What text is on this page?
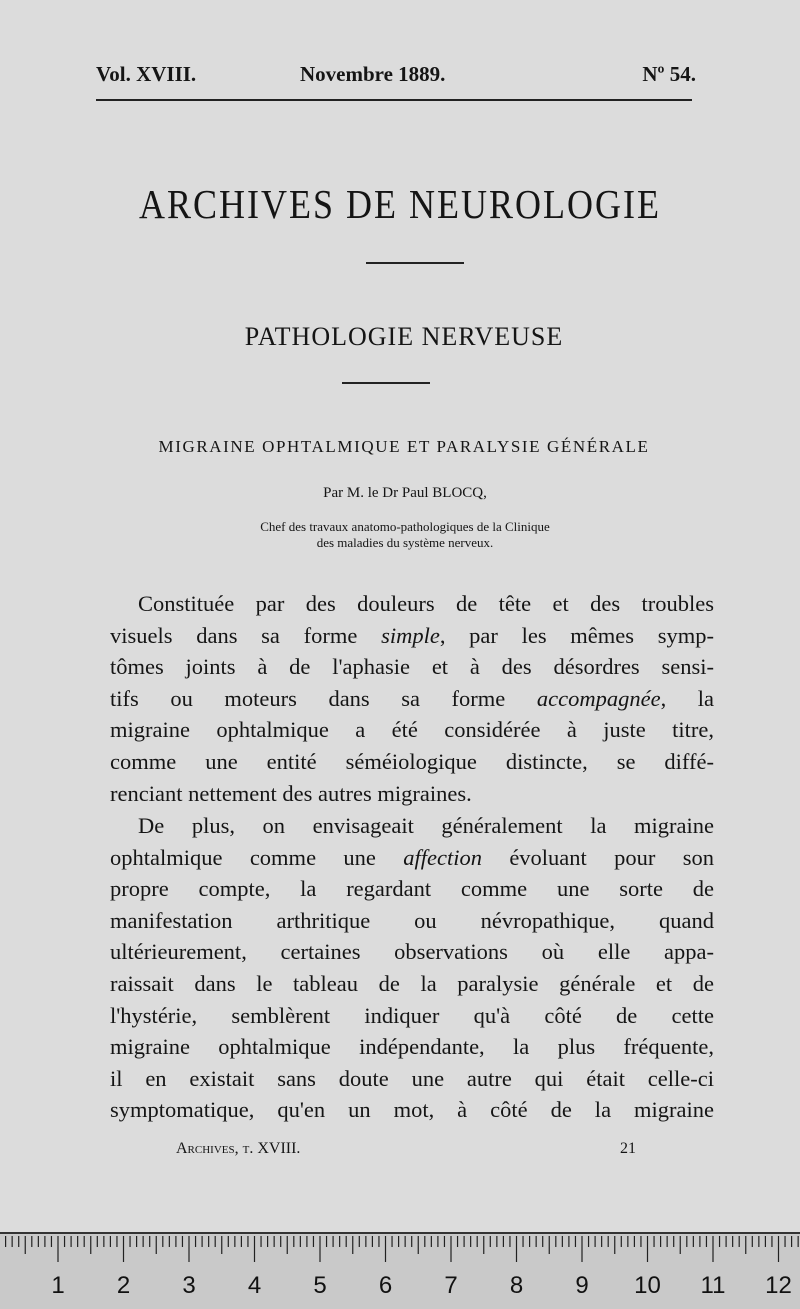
Vol. XVIII.	Novembre 1889.	Nº 54.
ARCHIVES DE NEUROLOGIE
PATHOLOGIE NERVEUSE
MIGRAINE OPHTALMIQUE ET PARALYSIE GÉNÉRALE
Par M. le Dr Paul BLOCQ,
Chef des travaux anatomo-pathologiques de la Clinique
des maladies du système nerveux.
Constituée par des douleurs de tête et des troubles
visuels dans sa forme simple, par les mêmes symp-
tômes joints à de l'aphasie et à des désordres sensi-
tifs ou moteurs dans sa forme accompagnée, la
migraine ophtalmique a été considérée à juste titre,
comme une entité séméiologique distincte, se diffé-
renciant nettement des autres migraines.
De plus, on envisageait généralement la migraine
ophtalmique comme une affection évoluant pour son
propre compte, la regardant comme une sorte de
manifestation arthritique ou névropathique, quand
ultérieurement, certaines observations où elle appa-
raissait dans le tableau de la paralysie générale et de
l'hystérie, semblèrent indiquer qu'à côté de cette
migraine ophtalmique indépendante, la plus fréquente,
il en existait sans doute une autre qui était celle-ci
symptomatique, qu'en un mot, à côté de la migraine
Archives, t. XVIII.	21
1 2 3 4 5 6 7 8 9 10 11 12
